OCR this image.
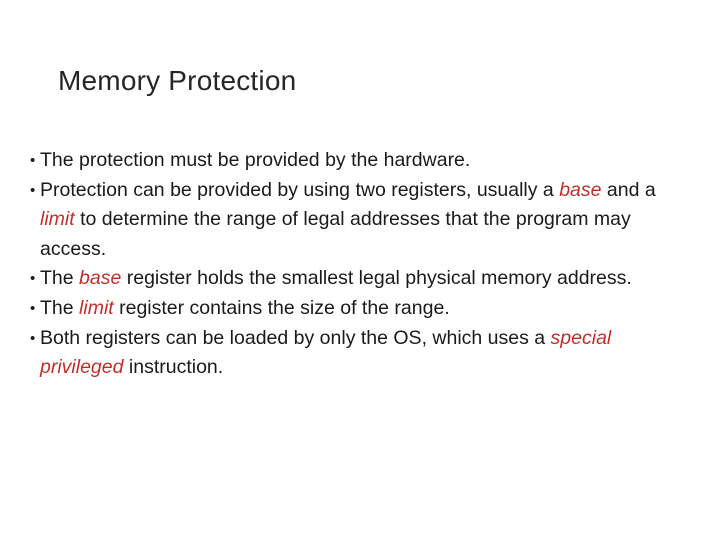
Memory Protection
• The protection must be provided by the hardware.
• Protection can be provided by using two registers, usually a base and a limit to determine the range of legal addresses that the program may access.
• The base register holds the smallest legal physical memory address.
• The limit register contains the size of the range.
• Both registers can be loaded by only the OS, which uses a special privileged instruction.
